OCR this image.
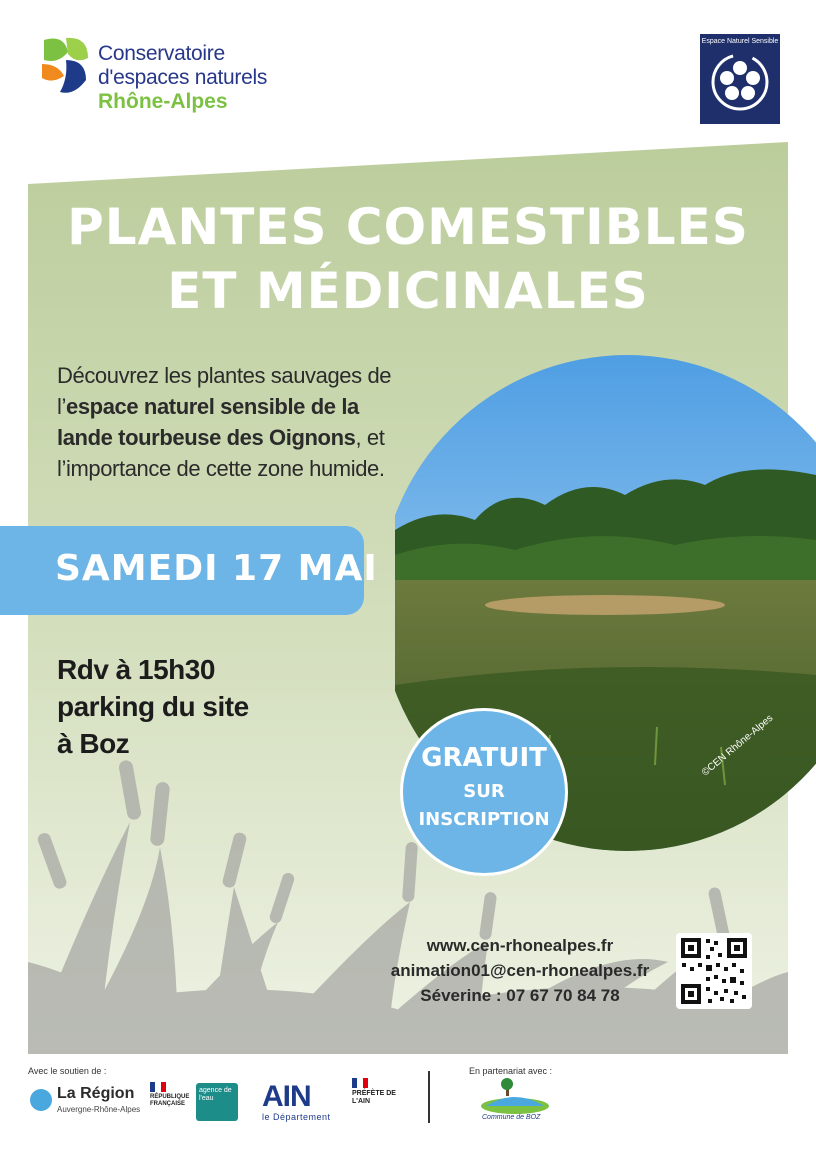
Conservatoire
d'espaces naturels
Rhône-Alpes
Espace Naturel Sensible
PLANTES COMESTIBLES
ET MÉDICINALES
Découvrez les plantes sauvages de l’espace naturel sensible de la lande tourbeuse des Oignons, et l’importance de cette zone humide.
SAMEDI 17 MAI
Rdv à 15h30
parking du site
à Boz	©CEN Rhône-Alpes
GRATUIT
SUR
INSCRIPTION
www.cen-rhonealpes.fr
animation01@cen-rhonealpes.fr
Séverine : 07 67 70 84 78
Avec le soutien de :	En partenariat avec :
La Région
Auvergne-Rhône-Alpes
RÉPUBLIQUE FRANÇAISE
agence de l'eau	AIN
le Département
PRÉFÈTE DE L'AIN
Commune de BOZ
